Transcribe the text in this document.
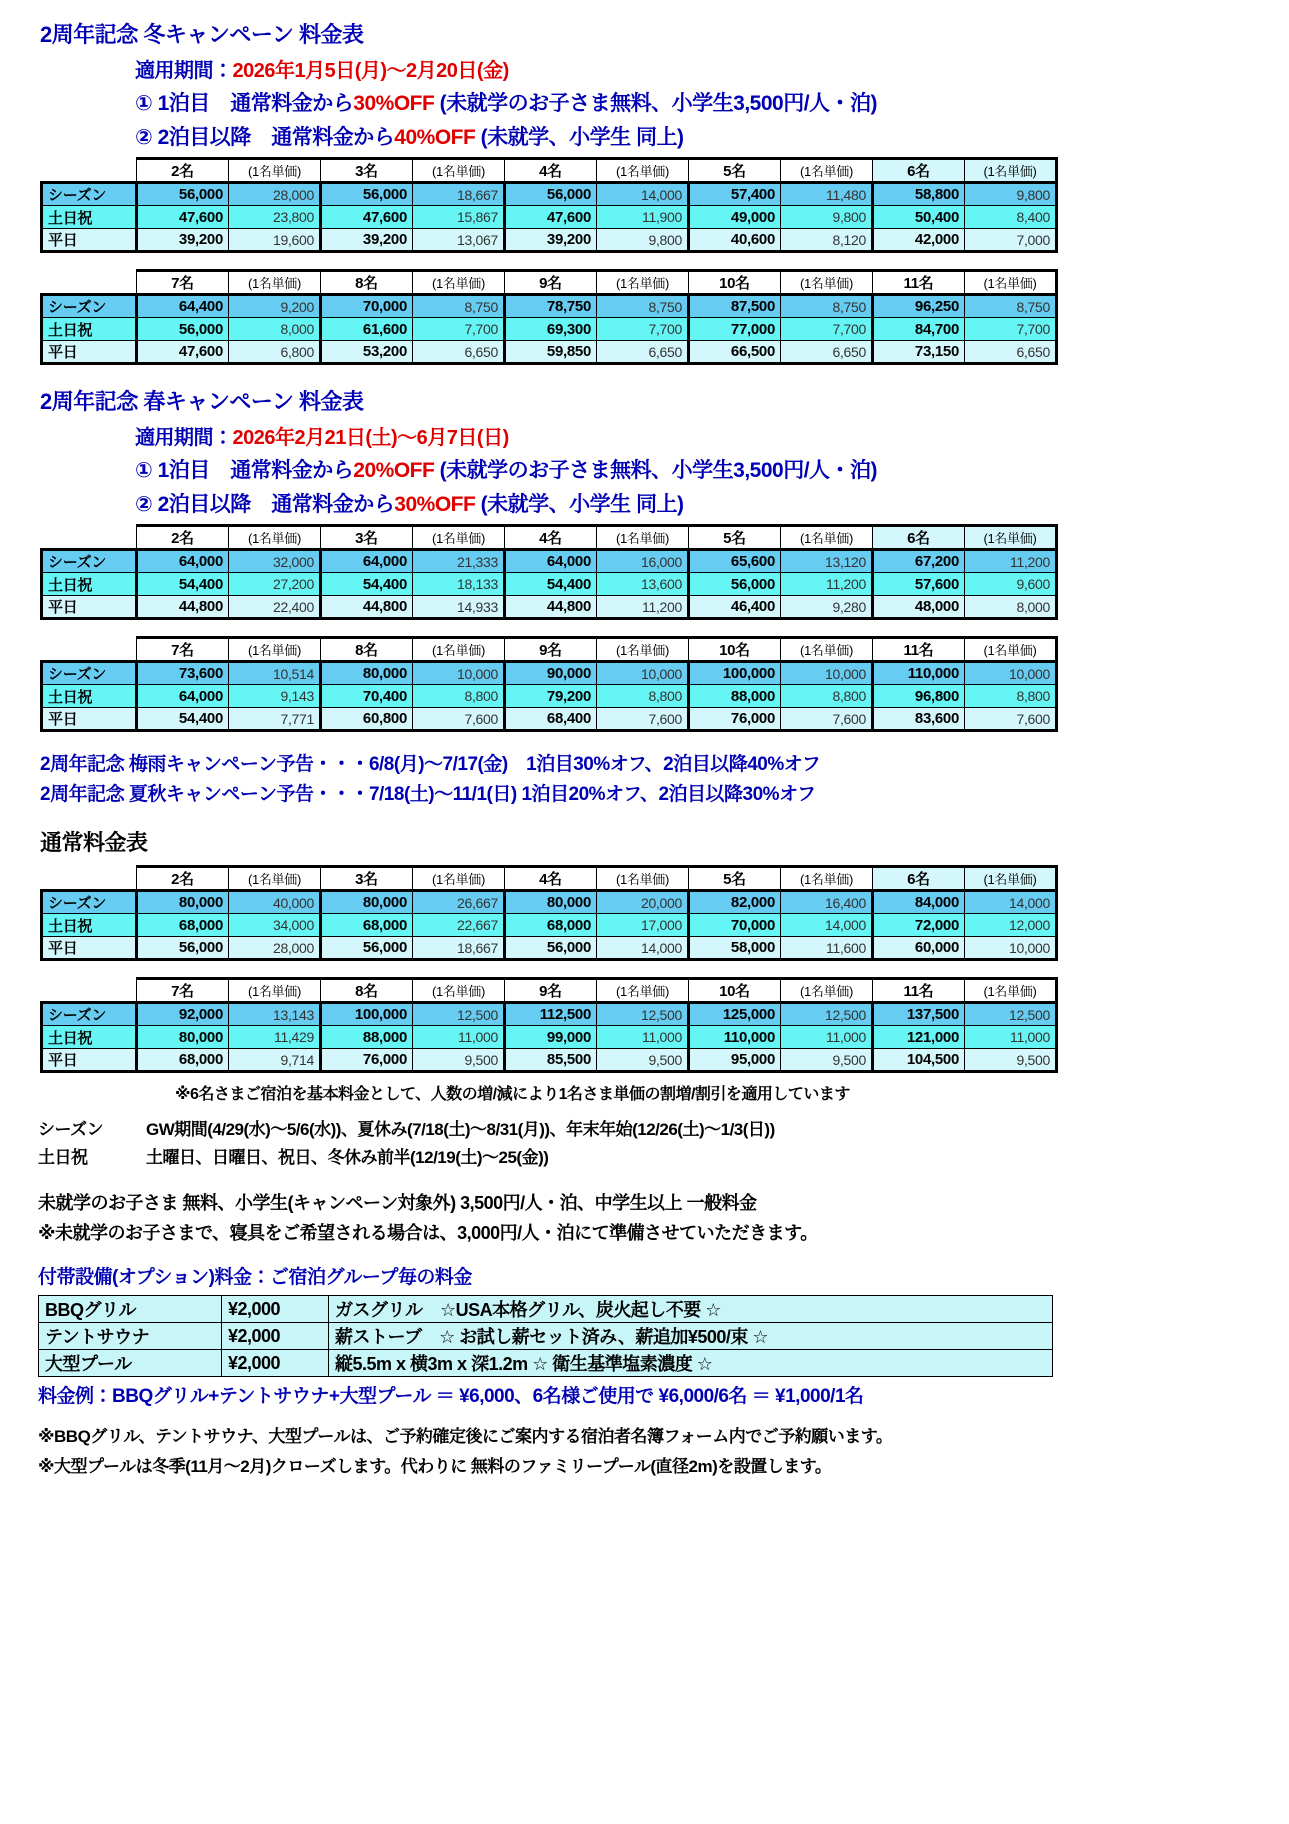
2周年記念 冬キャンペーン 料金表

適用期間：2026年1月5日(月)〜2月20日(金)

① 1泊目　通常料金から30%OFF (未就学のお子さま無料、小学生3,500円/人・泊)

② 2泊目以降　通常料金から40%OFF (未就学、小学生 同上)

	2名	(1名単価)	3名	(1名単価)	4名	(1名単価)	5名	(1名単価)	6名	(1名単価)
シーズン	56,000	28,000	56,000	18,667	56,000	14,000	57,400	11,480	58,800	9,800
土日祝	47,600	23,800	47,600	15,867	47,600	11,900	49,000	9,800	50,400	8,400
平日	39,200	19,600	39,200	13,067	39,200	9,800	40,600	8,120	42,000	7,000
	7名	(1名単価)	8名	(1名単価)	9名	(1名単価)	10名	(1名単価)	11名	(1名単価)
シーズン	64,400	9,200	70,000	8,750	78,750	8,750	87,500	8,750	96,250	8,750
土日祝	56,000	8,000	61,600	7,700	69,300	7,700	77,000	7,700	84,700	7,700
平日	47,600	6,800	53,200	6,650	59,850	6,650	66,500	6,650	73,150	6,650
2周年記念 春キャンペーン 料金表

適用期間：2026年2月21日(土)〜6月7日(日)

① 1泊目　通常料金から20%OFF (未就学のお子さま無料、小学生3,500円/人・泊)

② 2泊目以降　通常料金から30%OFF (未就学、小学生 同上)

	2名	(1名単価)	3名	(1名単価)	4名	(1名単価)	5名	(1名単価)	6名	(1名単価)
シーズン	64,000	32,000	64,000	21,333	64,000	16,000	65,600	13,120	67,200	11,200
土日祝	54,400	27,200	54,400	18,133	54,400	13,600	56,000	11,200	57,600	9,600
平日	44,800	22,400	44,800	14,933	44,800	11,200	46,400	9,280	48,000	8,000
	7名	(1名単価)	8名	(1名単価)	9名	(1名単価)	10名	(1名単価)	11名	(1名単価)
シーズン	73,600	10,514	80,000	10,000	90,000	10,000	100,000	10,000	110,000	10,000
土日祝	64,000	9,143	70,400	8,800	79,200	8,800	88,000	8,800	96,800	8,800
平日	54,400	7,771	60,800	7,600	68,400	7,600	76,000	7,600	83,600	7,600

2周年記念 梅雨キャンペーン予告・・・6/8(月)〜7/17(金)　1泊目30%オフ、2泊目以降40%オフ

2周年記念 夏秋キャンペーン予告・・・7/18(土)〜11/1(日) 1泊目20%オフ、2泊目以降30%オフ

通常料金表
	2名	(1名単価)	3名	(1名単価)	4名	(1名単価)	5名	(1名単価)	6名	(1名単価)
シーズン	80,000	40,000	80,000	26,667	80,000	20,000	82,000	16,400	84,000	14,000
土日祝	68,000	34,000	68,000	22,667	68,000	17,000	70,000	14,000	72,000	12,000
平日	56,000	28,000	56,000	18,667	56,000	14,000	58,000	11,600	60,000	10,000
	7名	(1名単価)	8名	(1名単価)	9名	(1名単価)	10名	(1名単価)	11名	(1名単価)
シーズン	92,000	13,143	100,000	12,500	112,500	12,500	125,000	12,500	137,500	12,500
土日祝	80,000	11,429	88,000	11,000	99,000	11,000	110,000	11,000	121,000	11,000
平日	68,000	9,714	76,000	9,500	85,500	9,500	95,000	9,500	104,500	9,500

※6名さまご宿泊を基本料金として、人数の増/減により1名さま単価の割増/割引を適用しています

シーズン	GW期間(4/29(水)〜5/6(水))、夏休み(7/18(土)〜8/31(月))、年末年始(12/26(土)〜1/3(日))

土日祝	土曜日、日曜日、祝日、冬休み前半(12/19(土)〜25(金))

未就学のお子さま 無料、小学生(キャンペーン対象外) 3,500円/人・泊、中学生以上 一般料金

※未就学のお子さまで、寝具をご希望される場合は、3,000円/人・泊にて準備させていただきます。

付帯設備(オプション)料金：ご宿泊グループ毎の料金

BBQグリル	¥2,000	ガスグリル　☆USA本格グリル、炭火起し不要 ☆
テントサウナ	¥2,000	薪ストーブ　☆ お試し薪セット済み、薪追加¥500/束 ☆
大型プール	¥2,000	縦5.5m x 横3m x 深1.2m ☆ 衛生基準塩素濃度 ☆

料金例：BBQグリル+テントサウナ+大型プール ＝ ¥6,000、6名様ご使用で ¥6,000/6名 ＝ ¥1,000/1名

※BBQグリル、テントサウナ、大型プールは、ご予約確定後にご案内する宿泊者名簿フォーム内でご予約願います。

※大型プールは冬季(11月〜2月)クローズします。代わりに 無料のファミリープール(直径2m)を設置します。
